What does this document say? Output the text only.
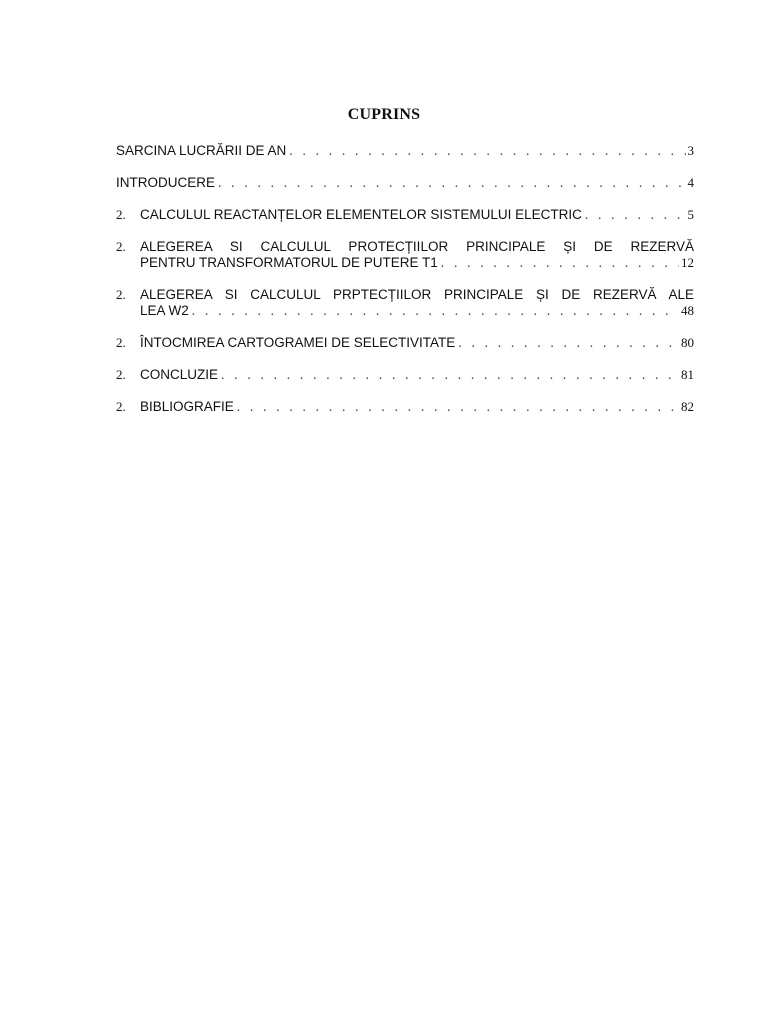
CUPRINS
SARCINA LUCRĂRII DE AN . . .	3
INTRODUCERE . . .	4
2.	CALCULUL REACTANȚELOR ELEMENTELOR SISTEMULUI ELECTRIC . . .	5
2.	ALEGEREA SI CALCULUL PROTECȚIILOR PRINCIPALE ȘI DE REZERVĂ
PENTRU TRANSFORMATORUL DE PUTERE T1 . . .	12
2.	ALEGEREA SI CALCULUL PRPTECȚIILOR PRINCIPALE ȘI DE REZERVĂ ALE
LEA W2 . . .	48
2.	ÎNTOCMIREA CARTOGRAMEI DE SELECTIVITATE . . .	80
2.	CONCLUZIE . . .	81
2.	BIBLIOGRAFIE . . .	82
